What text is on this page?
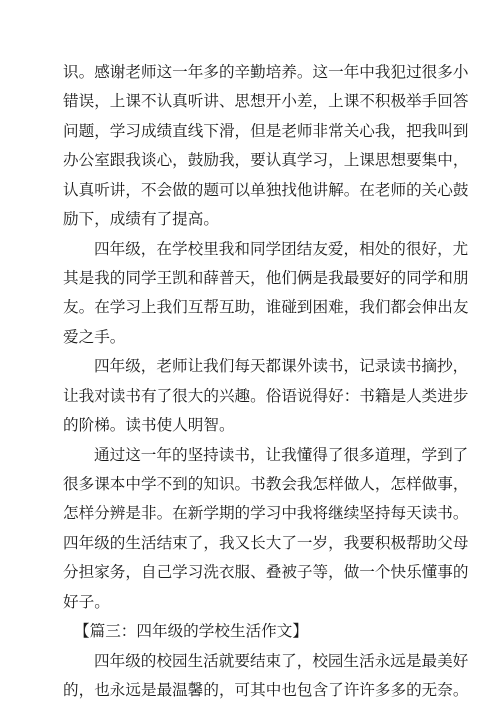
识。感谢老师这一年多的辛勤培养。这一年中我犯过很多小
错误，上课不认真听讲、思想开小差，上课不积极举手回答
问题，学习成绩直线下滑，但是老师非常关心我，把我叫到
办公室跟我谈心，鼓励我，要认真学习，上课思想要集中，
认真听讲，不会做的题可以单独找他讲解。在老师的关心鼓
励下，成绩有了提高。
四年级，在学校里我和同学团结友爱，相处的很好，尤
其是我的同学王凯和薛普天，他们俩是我最要好的同学和朋
友。在学习上我们互帮互助，谁碰到困难，我们都会伸出友
爱之手。
四年级，老师让我们每天都课外读书，记录读书摘抄，
让我对读书有了很大的兴趣。俗语说得好：书籍是人类进步
的阶梯。读书使人明智。
通过这一年的坚持读书，让我懂得了很多道理，学到了
很多课本中学不到的知识。书教会我怎样做人，怎样做事，
怎样分辨是非。在新学期的学习中我将继续坚持每天读书。
四年级的生活结束了，我又长大了一岁，我要积极帮助父母
分担家务，自己学习洗衣服、叠被子等，做一个快乐懂事的
好子。
【篇三：四年级的学校生活作文】
四年级的校园生活就要结束了，校园生活永远是最美好
的，也永远是最温馨的，可其中也包含了许许多多的无奈。
